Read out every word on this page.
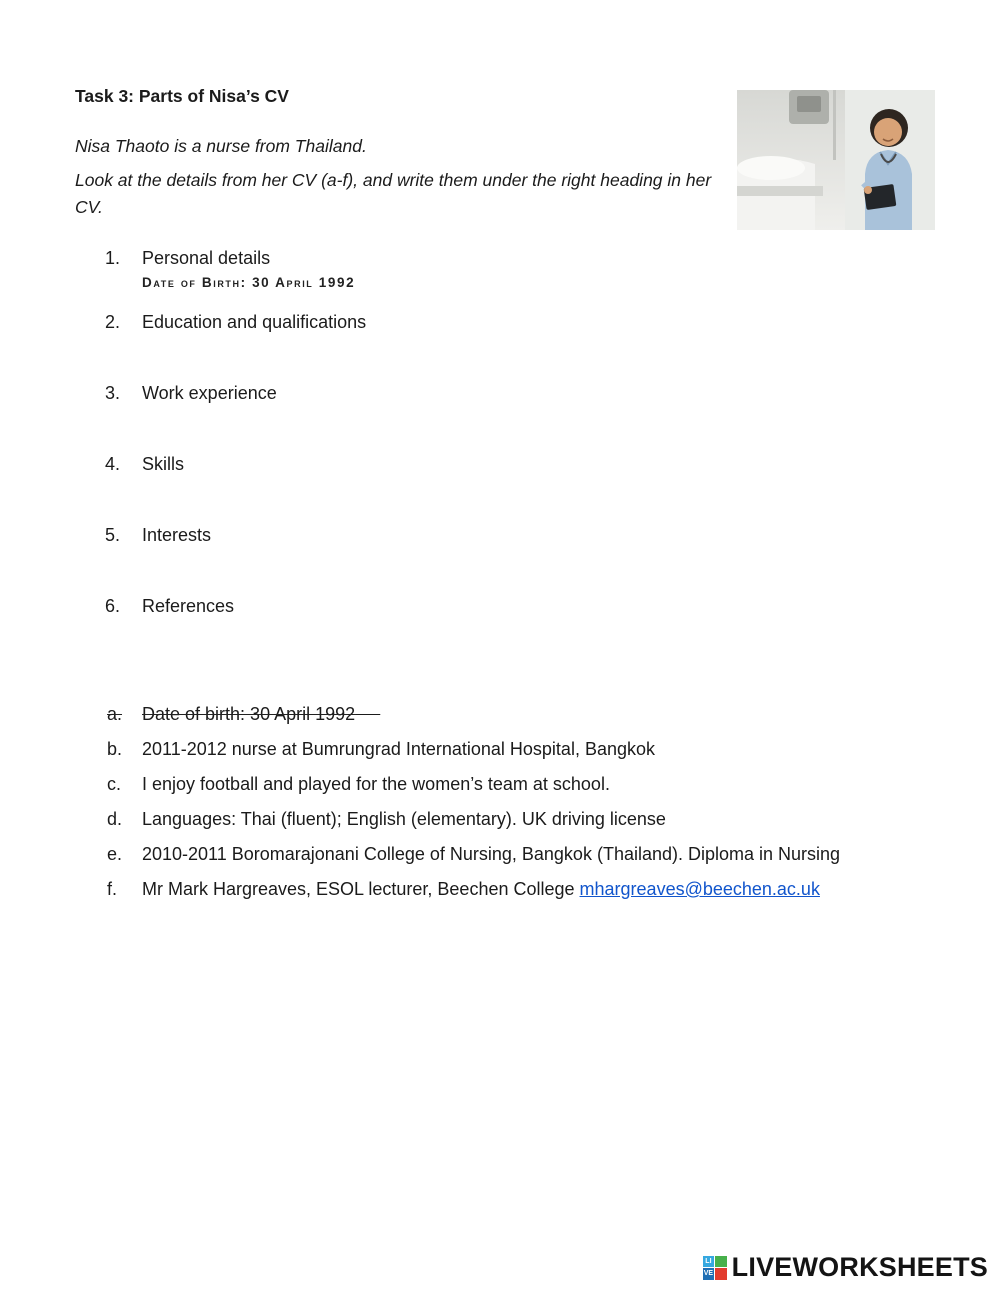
Task 3: Parts of Nisa’s CV
Nisa Thaoto is a nurse from Thailand.
Look at the details from her CV (a-f), and write them under the right heading in her CV.
1.	Personal details
Date of Birth: 30 April 1992
2.	Education and qualifications
3.	Work experience
4.	Skills
5.	Interests
6.	References
a.	Date of birth: 30 April 1992
b.	2011-2012 nurse at Bumrungrad International Hospital, Bangkok
c.	I enjoy football and played for the women’s team at school.
d.	Languages: Thai (fluent); English (elementary). UK driving license
e.	2010-2011 Boromarajonani College of Nursing, Bangkok (Thailand). Diploma in Nursing
f.	Mr Mark Hargreaves, ESOL lecturer, Beechen College mhargreaves@beechen.ac.uk
LI
VE LIVEWORKSHEETS
